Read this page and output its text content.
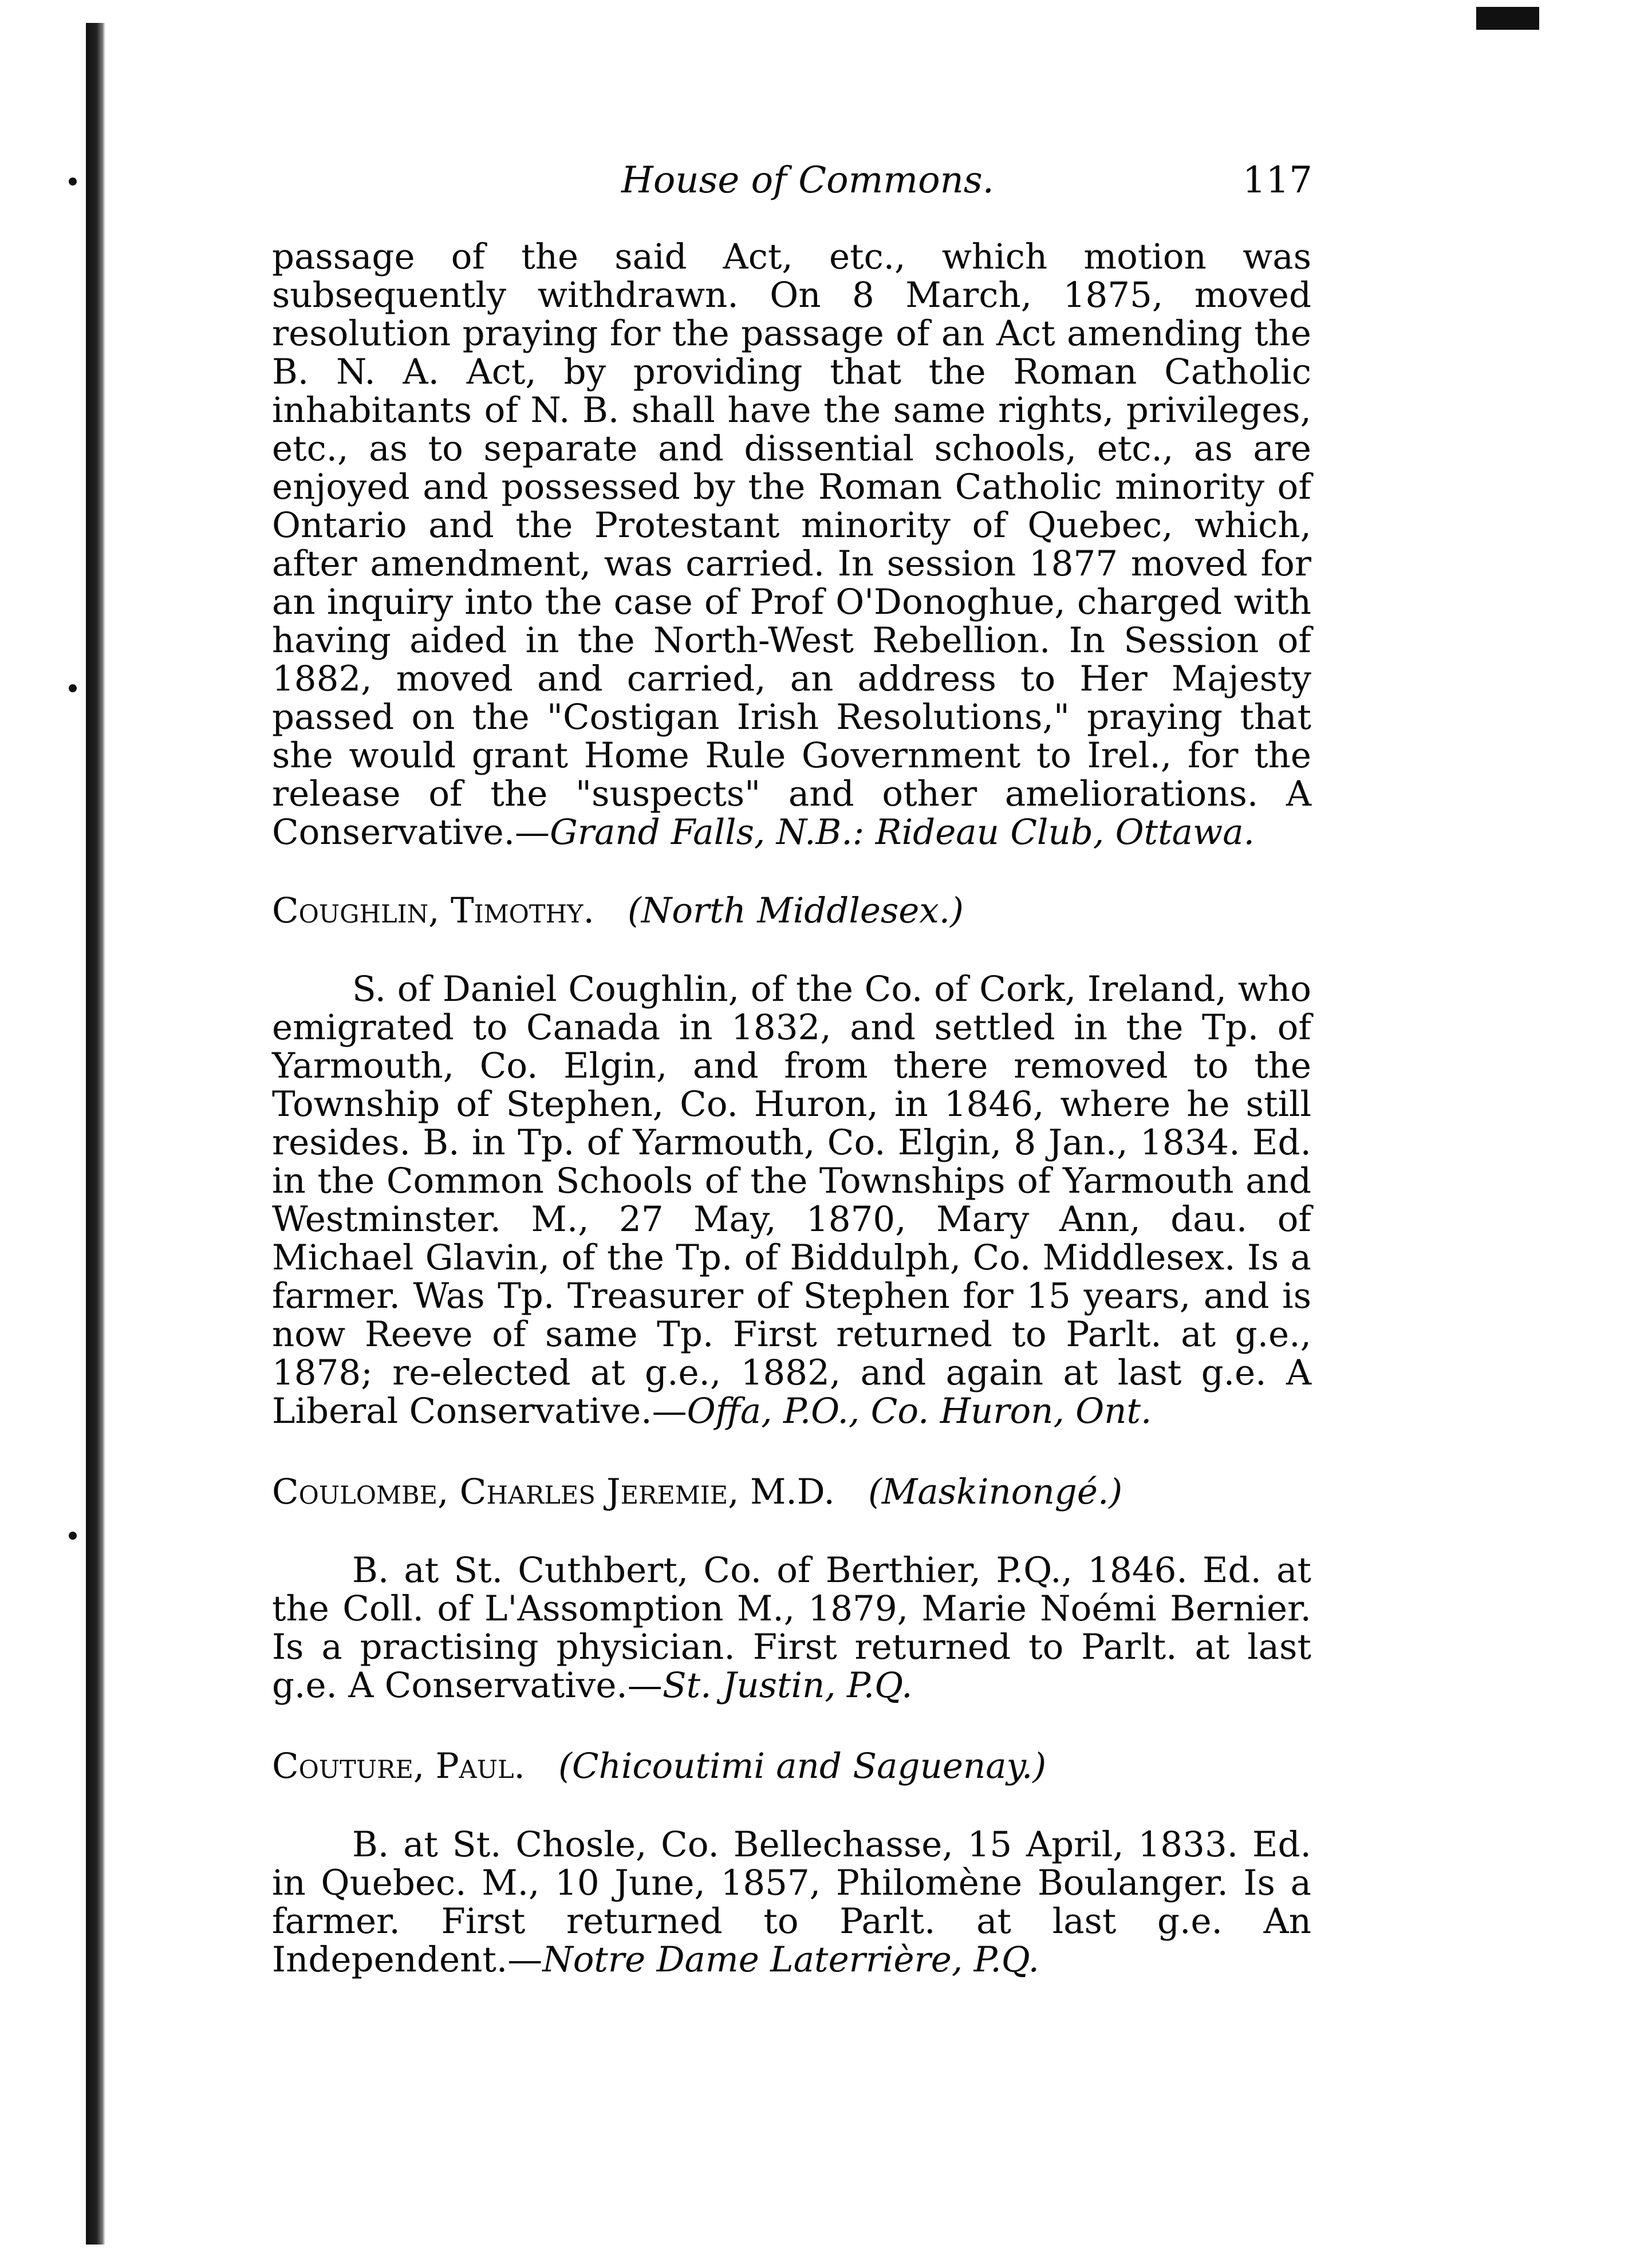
House of Commons.	117

passage of the said Act, etc., which motion was subsequently withdrawn. On 8 March, 1875, moved resolution praying for the passage of an Act amending the B. N. A. Act, by providing that the Roman Catholic inhabitants of N. B. shall have the same rights, privileges, etc., as to separate and dissential schools, etc., as are enjoyed and possessed by the Roman Catholic minority of Ontario and the Protestant minority of Quebec, which, after amendment, was carried. In session 1877 moved for an inquiry into the case of Prof O'Donoghue, charged with having aided in the North-West Rebellion. In Session of 1882, moved and carried, an address to Her Majesty passed on the "Costigan Irish Resolutions," praying that she would grant Home Rule Government to Irel., for the release of the "suspects" and other ameliorations. A Conservative.—Grand Falls, N.B.: Rideau Club, Ottawa.

Coughlin, Timothy. (North Middlesex.)

S. of Daniel Coughlin, of the Co. of Cork, Ireland, who emigrated to Canada in 1832, and settled in the Tp. of Yarmouth, Co. Elgin, and from there removed to the Township of Stephen, Co. Huron, in 1846, where he still resides. B. in Tp. of Yarmouth, Co. Elgin, 8 Jan., 1834. Ed. in the Common Schools of the Townships of Yarmouth and Westminster. M., 27 May, 1870, Mary Ann, dau. of Michael Glavin, of the Tp. of Biddulph, Co. Middlesex. Is a farmer. Was Tp. Treasurer of Stephen for 15 years, and is now Reeve of same Tp. First returned to Parlt. at g.e., 1878; re-elected at g.e., 1882, and again at last g.e. A Liberal Conservative.—Offa, P.O., Co. Huron, Ont.

Coulombe, Charles Jeremie, M.D. (Maskinongé.)

B. at St. Cuthbert, Co. of Berthier, P.Q., 1846. Ed. at the Coll. of L'Assomption M., 1879, Marie Noémi Bernier. Is a practising physician. First returned to Parlt. at last g.e. A Conservative.—St. Justin, P.Q.

Couture, Paul. (Chicoutimi and Saguenay.)

B. at St. Chosle, Co. Bellechasse, 15 April, 1833. Ed. in Quebec. M., 10 June, 1857, Philomène Boulanger. Is a farmer. First returned to Parlt. at last g.e. An Independent.—Notre Dame Laterrière, P.Q.
